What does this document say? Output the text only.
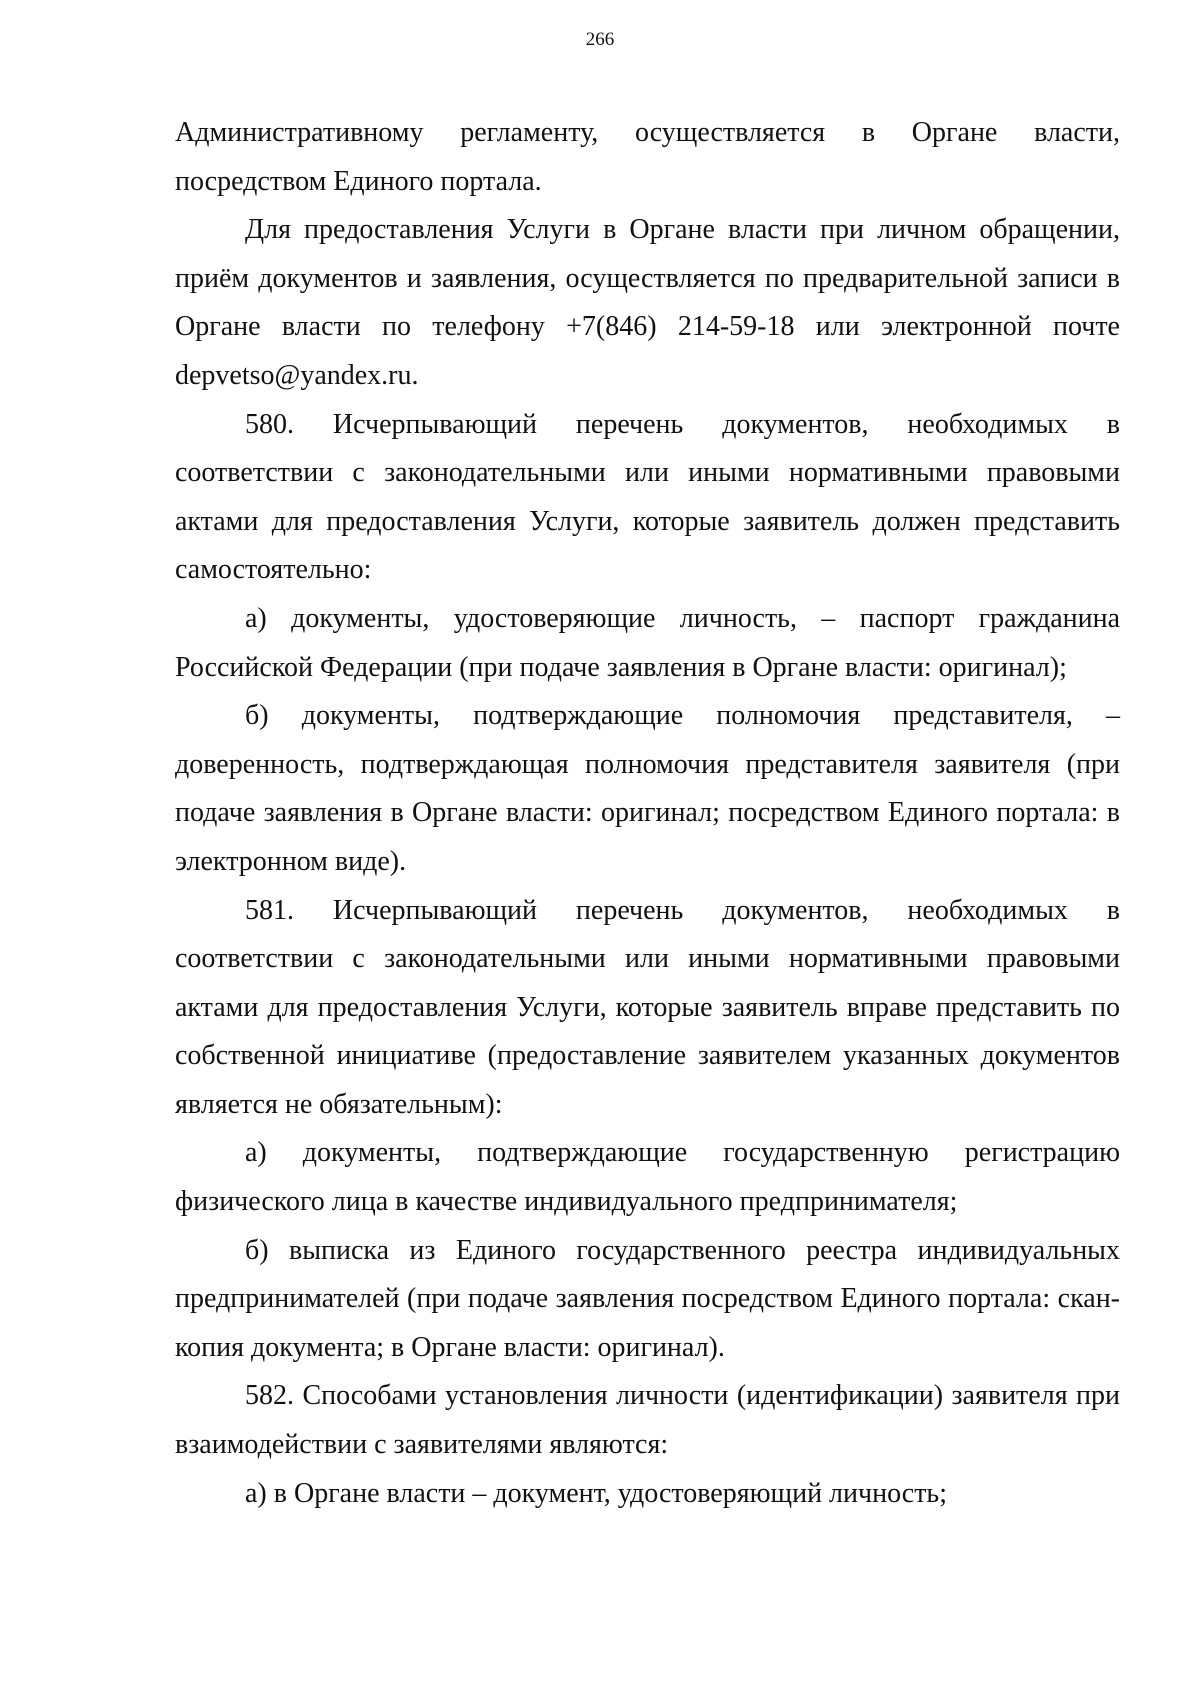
266

Административному регламенту, осуществляется в Органе власти, посредством Единого портала.

Для предоставления Услуги в Органе власти при личном обращении, приём документов и заявления, осуществляется по предварительной записи в Органе власти по телефону +7(846) 214-59-18 или электронной почте depvetso@yandex.ru.

580. Исчерпывающий перечень документов, необходимых в соответствии с законодательными или иными нормативными правовыми актами для предоставления Услуги, которые заявитель должен представить самостоятельно:

а) документы, удостоверяющие личность, – паспорт гражданина Российской Федерации (при подаче заявления в Органе власти: оригинал);

б) документы, подтверждающие полномочия представителя, – доверенность, подтверждающая полномочия представителя заявителя (при подаче заявления в Органе власти: оригинал; посредством Единого портала: в электронном виде).

581. Исчерпывающий перечень документов, необходимых в соответствии с законодательными или иными нормативными правовыми актами для предоставления Услуги, которые заявитель вправе представить по собственной инициативе (предоставление заявителем указанных документов является не обязательным):

а) документы, подтверждающие государственную регистрацию физического лица в качестве индивидуального предпринимателя;

б) выписка из Единого государственного реестра индивидуальных предпринимателей (при подаче заявления посредством Единого портала: скан-копия документа; в Органе власти: оригинал).

582. Способами установления личности (идентификации) заявителя при взаимодействии с заявителями являются:

а) в Органе власти – документ, удостоверяющий личность;
